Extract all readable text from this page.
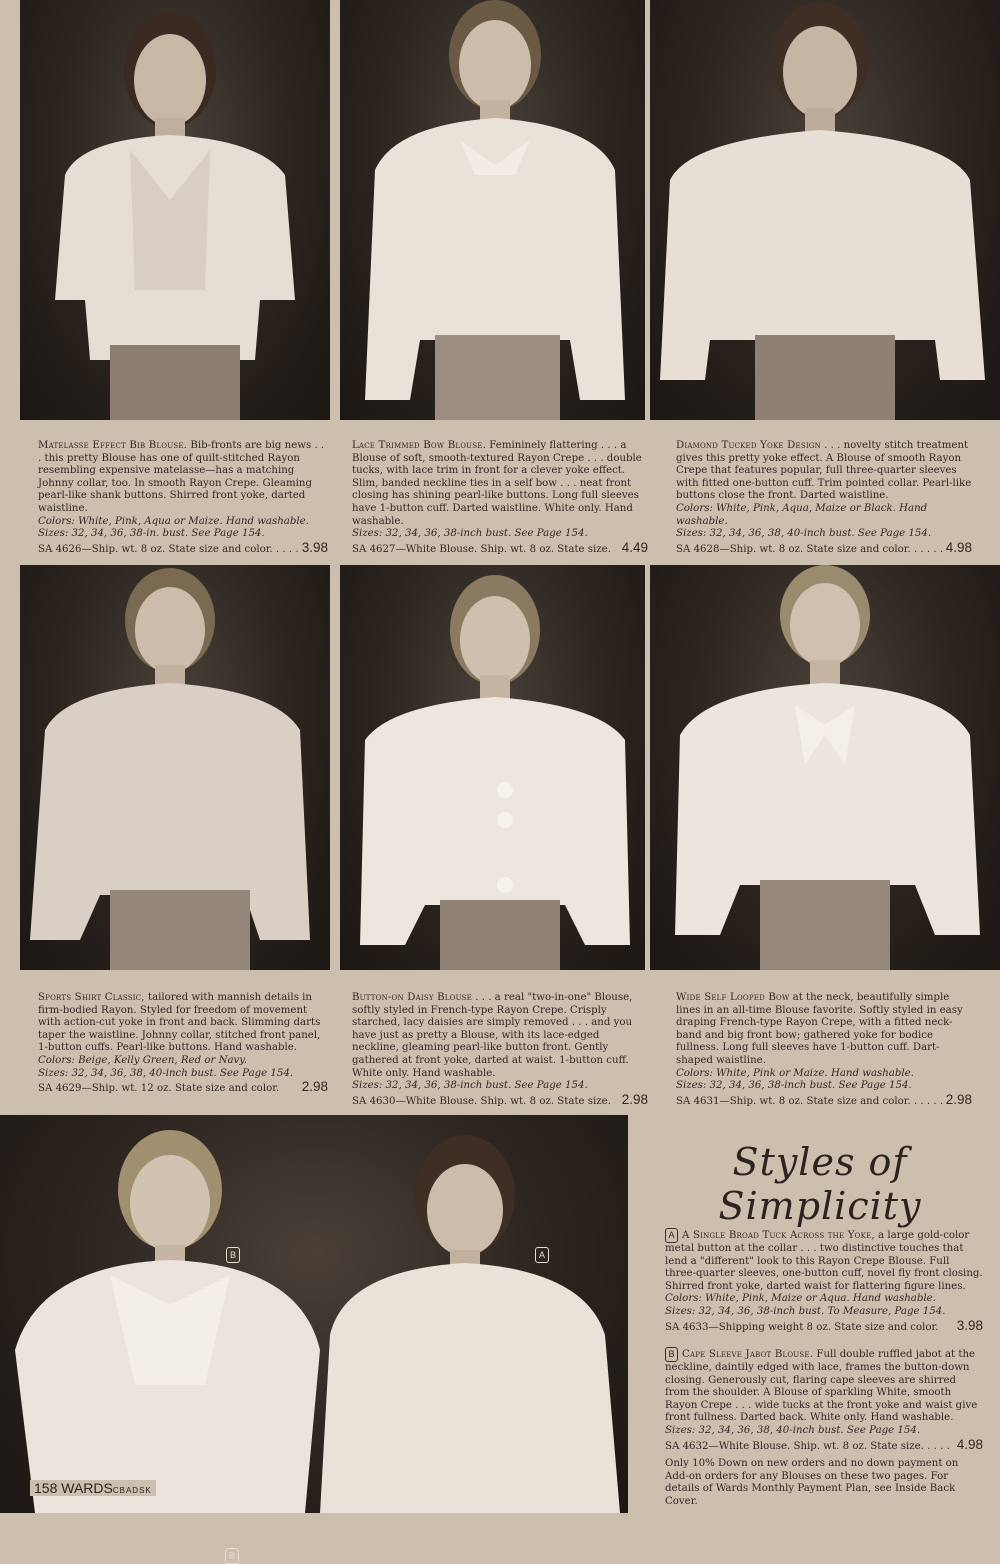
Matelasse Effect Bib Blouse. Bib-fronts are big news . . . this pretty Blouse has one of quilt-stitched Rayon resembling expensive matelasse—has a matching Johnny collar, too. In smooth Rayon Crepe. Gleaming pearl-like shank buttons. Shirred front yoke, darted waistline.

Colors: White, Pink, Aqua or Maize. Hand washable.

Sizes: 32, 34, 36, 38-in. bust. See Page 154.

SA 4626—Ship. wt. 8 oz. State size and color. . . . . 3.98

Lace Trimmed Bow Blouse. Femininely flattering . . . a Blouse of soft, smooth-textured Rayon Crepe . . . double tucks, with lace trim in front for a clever yoke effect. Slim, banded neckline ties in a self bow . . . neat front closing has shining pearl-like buttons. Long full sleeves have 1-button cuff. Darted waistline. White only. Hand washable.

Sizes: 32, 34, 36, 38-inch bust. See Page 154.

SA 4627—White Blouse. Ship. wt. 8 oz. State size. 4.49

Diamond Tucked Yoke Design . . . novelty stitch treatment gives this pretty yoke effect. A Blouse of smooth Rayon Crepe that features popular, full three-quarter sleeves with fitted one-button cuff. Trim pointed collar. Pearl-like buttons close the front. Darted waistline.

Colors: White, Pink, Aqua, Maize or Black. Hand washable.

Sizes: 32, 34, 36, 38, 40-inch bust. See Page 154.

SA 4628—Ship. wt. 8 oz. State size and color. . . . . . 4.98

Sports Shirt Classic, tailored with mannish details in firm-bodied Rayon. Styled for freedom of movement with action-cut yoke in front and back. Slimming darts taper the waistline. Johnny collar, stitched front panel, 1-button cuffs. Pearl-like buttons. Hand washable.

Colors: Beige, Kelly Green, Red or Navy.

Sizes: 32, 34, 36, 38, 40-inch bust. See Page 154.

SA 4629—Ship. wt. 12 oz. State size and color. 2.98

Button-on Daisy Blouse . . . a real "two-in-one" Blouse, softly styled in French-type Rayon Crepe. Crisply starched, lacy daisies are simply removed . . . and you have just as pretty a Blouse, with its lace-edged neckline, gleaming pearl-like button front. Gently gathered at front yoke, darted at waist. 1-button cuff. White only. Hand washable.

Sizes: 32, 34, 36, 38-inch bust. See Page 154.

SA 4630—White Blouse. Ship. wt. 8 oz. State size. 2.98

Wide Self Looped Bow at the neck, beautifully simple lines in an all-time Blouse favorite. Softly styled in easy draping French-type Rayon Crepe, with a fitted neck-band and big front bow; gathered yoke for bodice fullness. Long full sleeves have 1-button cuff. Dart-shaped waistline.

Colors: White, Pink or Maize. Hand washable.

Sizes: 32, 34, 36, 38-inch bust. See Page 154.

SA 4631—Ship. wt. 8 oz. State size and color. . . . . . 2.98
B
B	A
Styles of Simplicity

A A Single Broad Tuck Across the Yoke, a large gold-color metal button at the collar . . . two distinctive touches that lend a "different" look to this Rayon Crepe Blouse. Full three-quarter sleeves, one-button cuff, novel fly front closing. Shirred front yoke, darted waist for flattering figure lines.

Colors: White, Pink, Maize or Aqua. Hand washable.

Sizes: 32, 34, 36, 38-inch bust. To Measure, Page 154.

SA 4633—Shipping weight 8 oz. State size and color. 3.98

B Cape Sleeve Jabot Blouse. Full double ruffled jabot at the neckline, daintily edged with lace, frames the button-down closing. Generously cut, flaring cape sleeves are shirred from the shoulder. A Blouse of sparkling White, smooth Rayon Crepe . . . wide tucks at the front yoke and waist give front fullness. Darted back. White only. Hand washable.

Sizes: 32, 34, 36, 38, 40-inch bust. See Page 154.

SA 4632—White Blouse. Ship. wt. 8 oz. State size. . . . . 4.98

Only 10% Down on new orders and no down payment on Add-on orders for any Blouses on these two pages. For details of Wards Monthly Payment Plan, see Inside Back Cover.

158 WARDSCBADSK
